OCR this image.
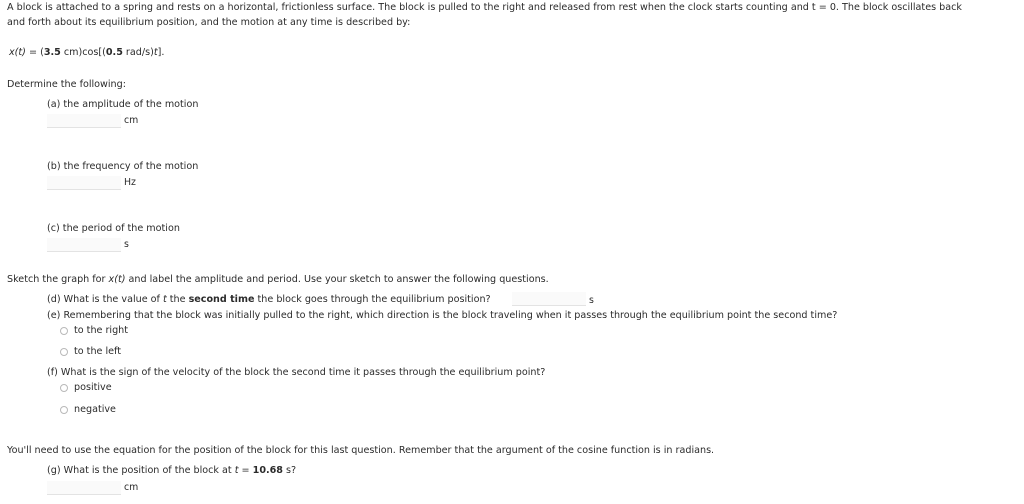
A block is attached to a spring and rests on a horizontal, frictionless surface. The block is pulled to the right and released from rest when the clock starts counting and t = 0. The block oscillates back
and forth about its equilibrium position, and the motion at any time is described by:
x(t) = (3.5 cm)cos[(0.5 rad/s)t].
Determine the following:
(a) the amplitude of the motion
cm
(b) the frequency of the motion
Hz
(c) the period of the motion
s
Sketch the graph for x(t) and label the amplitude and period. Use your sketch to answer the following questions.
(d) What is the value of t the second time the block goes through the equilibrium position?	s
(e) Remembering that the block was initially pulled to the right, which direction is the block traveling when it passes through the equilibrium point the second time?
to the right
to the left
(f) What is the sign of the velocity of the block the second time it passes through the equilibrium point?
positive
negative
You'll need to use the equation for the position of the block for this last question. Remember that the argument of the cosine function is in radians.
(g) What is the position of the block at t = 10.68 s?
cm
